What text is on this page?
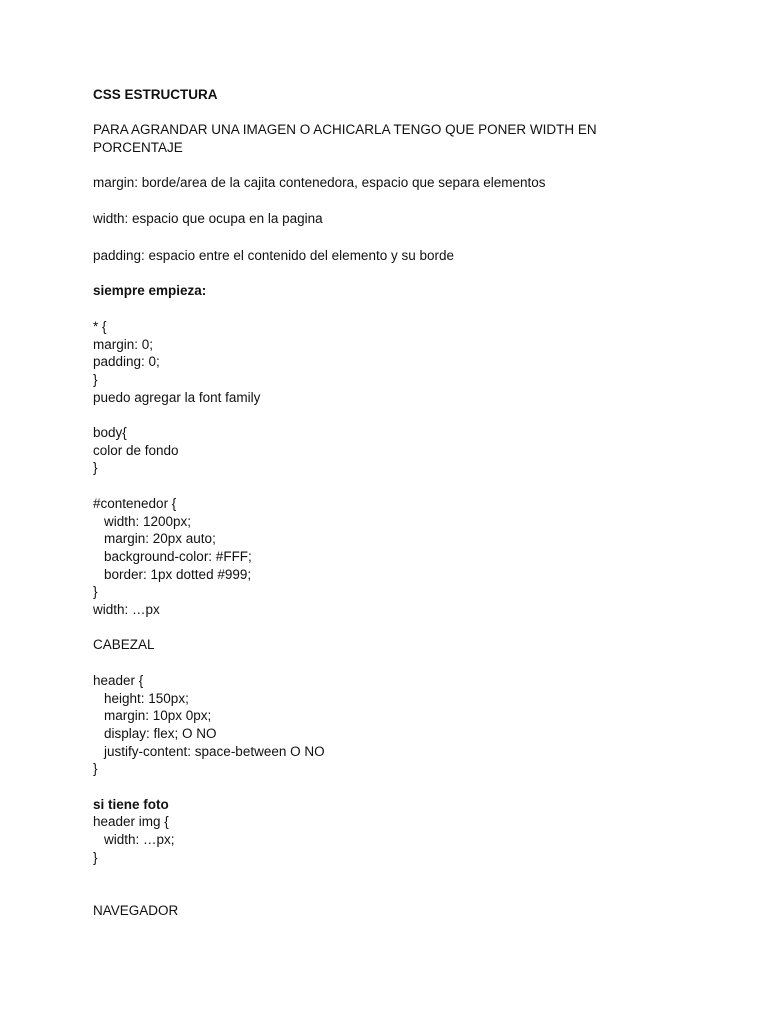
CSS ESTRUCTURA
PARA AGRANDAR UNA IMAGEN O ACHICARLA TENGO QUE PONER WIDTH EN PORCENTAJE
margin: borde/area de la cajita contenedora, espacio que separa elementos
width: espacio que ocupa en la pagina
padding: espacio entre el contenido del elemento y su borde
siempre empieza:
* {
margin: 0;
padding: 0;
}
puedo agregar la font family
body{
color de fondo
}
#contenedor {
width: 1200px;
margin: 20px auto;
background-color: #FFF;
border: 1px dotted #999;
}
width: …px
CABEZAL
header {
height: 150px;
margin: 10px 0px;
display: flex; O NO
justify-content: space-between O NO
}
si tiene foto
header img {
width: …px;
}
NAVEGADOR
